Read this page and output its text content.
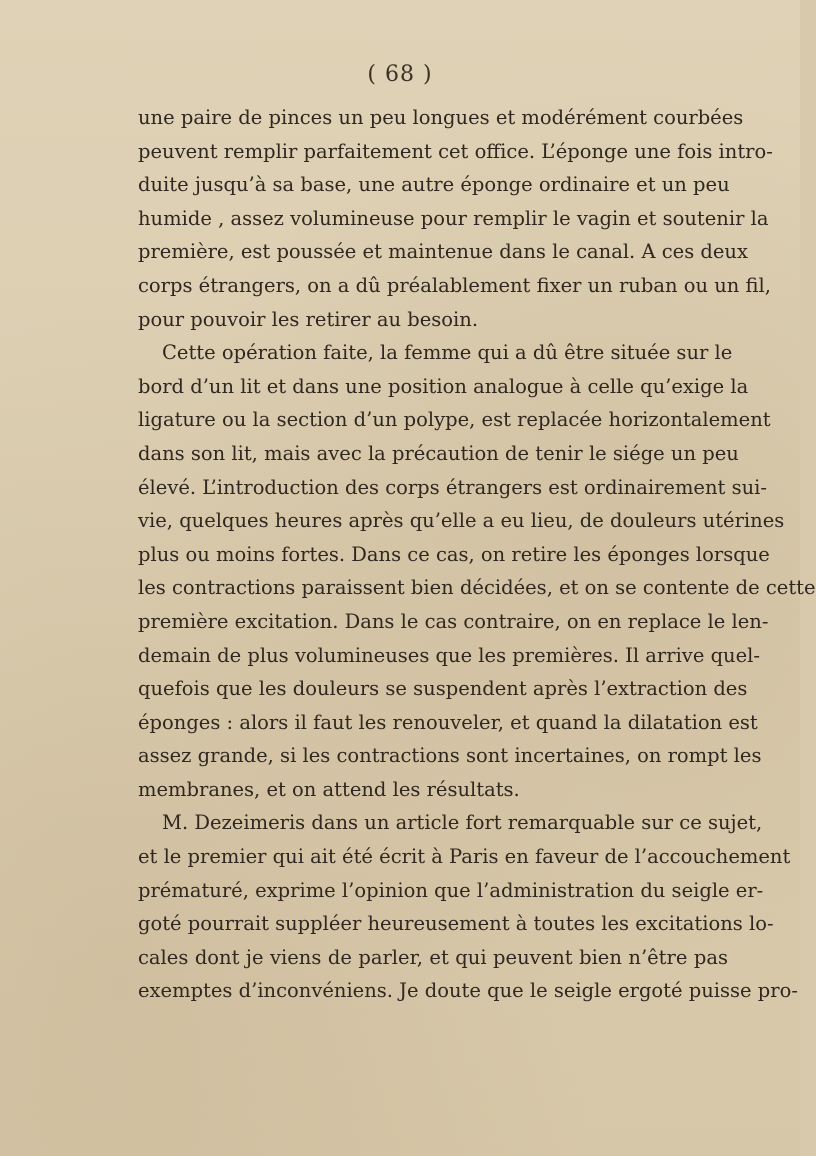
( 68 )

une paire de pinces un peu longues et modérément courbées
peuvent remplir parfaitement cet office. L’éponge une fois intro-
duite jusqu’à sa base, une autre éponge ordinaire et un peu
humide , assez volumineuse pour remplir le vagin et soutenir la
première, est poussée et maintenue dans le canal. A ces deux
corps étrangers, on a dû préalablement fixer un ruban ou un fil,
pour pouvoir les retirer au besoin.
Cette opération faite, la femme qui a dû être située sur le
bord d’un lit et dans une position analogue à celle qu’exige la
ligature ou la section d’un polype, est replacée horizontalement
dans son lit, mais avec la précaution de tenir le siége un peu
élevé. L’introduction des corps étrangers est ordinairement sui-
vie, quelques heures après qu’elle a eu lieu, de douleurs utérines
plus ou moins fortes. Dans ce cas, on retire les éponges lorsque
les contractions paraissent bien décidées, et on se contente de cette
première excitation. Dans le cas contraire, on en replace le len-
demain de plus volumineuses que les premières. Il arrive quel-
quefois que les douleurs se suspendent après l’extraction des
éponges : alors il faut les renouveler, et quand la dilatation est
assez grande, si les contractions sont incertaines, on rompt les
membranes, et on attend les résultats.
M. Dezeimeris dans un article fort remarquable sur ce sujet,
et le premier qui ait été écrit à Paris en faveur de l’accouchement
prématuré, exprime l’opinion que l’administration du seigle er-
goté pourrait suppléer heureusement à toutes les excitations lo-
cales dont je viens de parler, et qui peuvent bien n’être pas
exemptes d’inconvéniens. Je doute que le seigle ergoté puisse pro-
